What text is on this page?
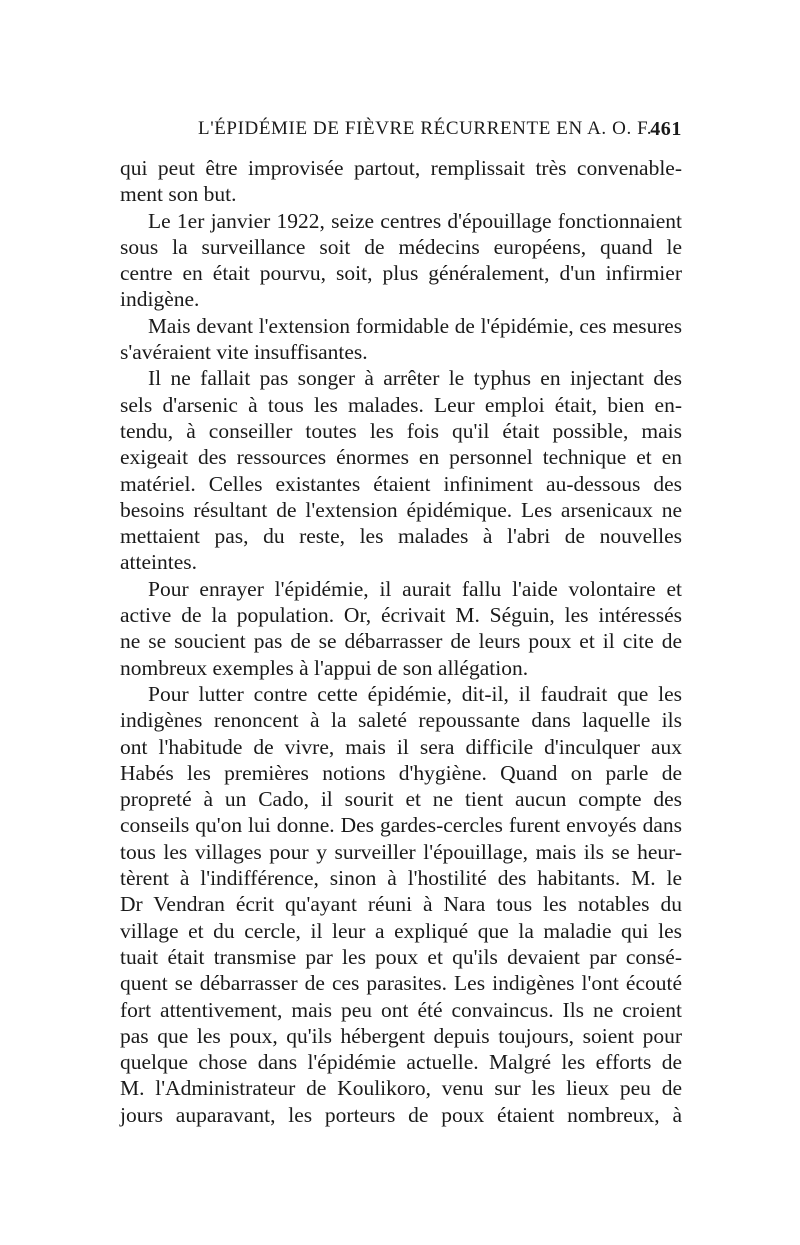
L'ÉPIDÉMIE DE FIÈVRE RÉCURRENTE EN A. O. F.
461
qui peut être improvisée partout, remplissait très convenable-
ment son but.
Le 1er janvier 1922, seize centres d'épouillage fonctionnaient
sous la surveillance soit de médecins européens, quand le
centre en était pourvu, soit, plus généralement, d'un infirmier
indigène.
Mais devant l'extension formidable de l'épidémie, ces mesures
s'avéraient vite insuffisantes.
Il ne fallait pas songer à arrêter le typhus en injectant des
sels d'arsenic à tous les malades. Leur emploi était, bien en-
tendu, à conseiller toutes les fois qu'il était possible, mais
exigeait des ressources énormes en personnel technique et en
matériel. Celles existantes étaient infiniment au-dessous des
besoins résultant de l'extension épidémique. Les arsenicaux ne
mettaient pas, du reste, les malades à l'abri de nouvelles
atteintes.
Pour enrayer l'épidémie, il aurait fallu l'aide volontaire et
active de la population. Or, écrivait M. Séguin, les intéressés
ne se soucient pas de se débarrasser de leurs poux et il cite de
nombreux exemples à l'appui de son allégation.
Pour lutter contre cette épidémie, dit-il, il faudrait que les
indigènes renoncent à la saleté repoussante dans laquelle ils
ont l'habitude de vivre, mais il sera difficile d'inculquer aux
Habés les premières notions d'hygiène. Quand on parle de
propreté à un Cado, il sourit et ne tient aucun compte des
conseils qu'on lui donne. Des gardes-cercles furent envoyés dans
tous les villages pour y surveiller l'épouillage, mais ils se heur-
tèrent à l'indifférence, sinon à l'hostilité des habitants. M. le
Dr Vendran écrit qu'ayant réuni à Nara tous les notables du
village et du cercle, il leur a expliqué que la maladie qui les
tuait était transmise par les poux et qu'ils devaient par consé-
quent se débarrasser de ces parasites. Les indigènes l'ont écouté
fort attentivement, mais peu ont été convaincus. Ils ne croient
pas que les poux, qu'ils hébergent depuis toujours, soient pour
quelque chose dans l'épidémie actuelle. Malgré les efforts de
M. l'Administrateur de Koulikoro, venu sur les lieux peu de
jours auparavant, les porteurs de poux étaient nombreux, à
